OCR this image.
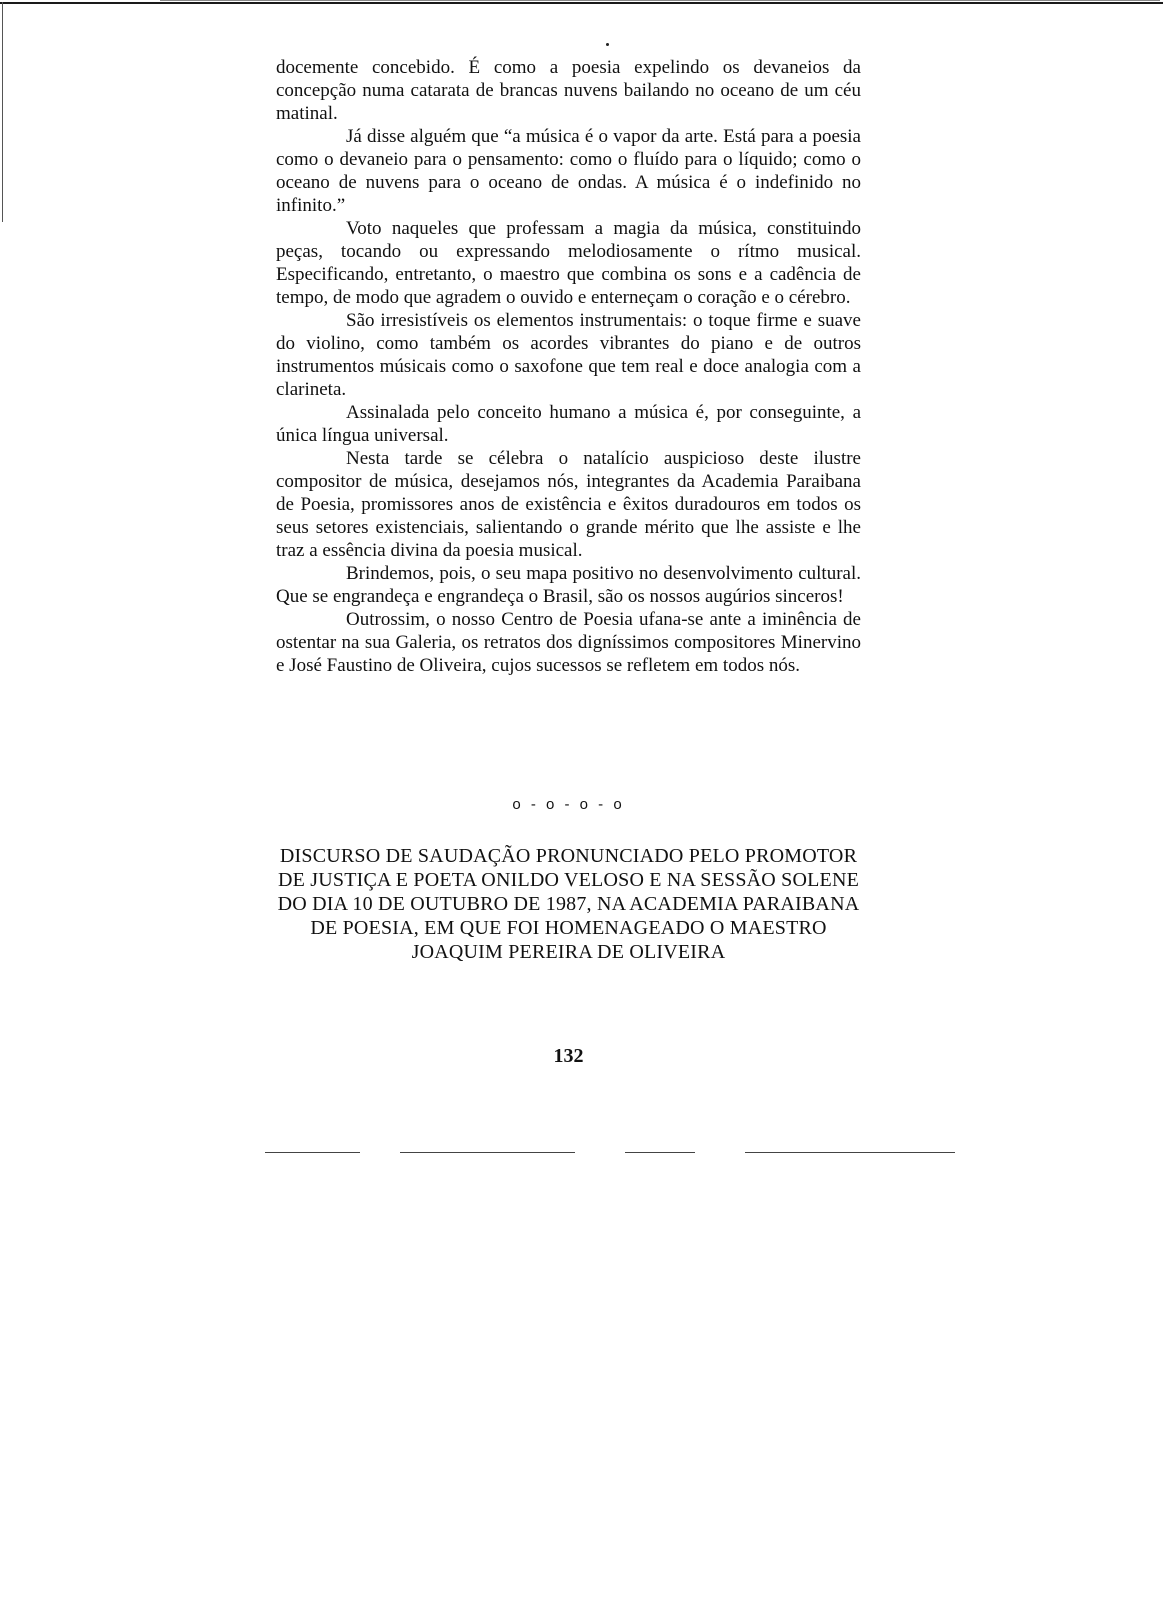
docemente concebido. É como a poesia expelindo os devaneios da concepção numa catarata de brancas nuvens bailando no oceano de um céu matinal.

Já disse alguém que “a música é o vapor da arte. Está para a poesia como o devaneio para o pensamento: como o fluído para o líquido; como o oceano de nuvens para o oceano de ondas. A música é o indefinido no infinito.”

Voto naqueles que professam a magia da música, constituindo peças, tocando ou expressando melodiosamente o rítmo musical. Especificando, entretanto, o maestro que combina os sons e a cadência de tempo, de modo que agradem o ouvido e enterneçam o coração e o cérebro.

São irresistíveis os elementos instrumentais: o toque firme e suave do violino, como também os acordes vibrantes do piano e de outros instrumentos músicais como o saxofone que tem real e doce analogia com a clarineta.

Assinalada pelo conceito humano a música é, por conseguinte, a única língua universal.

Nesta tarde se célebra o natalício auspicioso deste ilustre compositor de música, desejamos nós, integrantes da Academia Paraibana de Poesia, promissores anos de existência e êxitos duradouros em todos os seus setores existenciais, salientando o grande mérito que lhe assiste e lhe traz a essência divina da poesia musical.

Brindemos, pois, o seu mapa positivo no desenvolvimento cultural. Que se engrandeça e engrandeça o Brasil, são os nossos augúrios sinceros!

Outrossim, o nosso Centro de Poesia ufana-se ante a iminência de ostentar na sua Galeria, os retratos dos digníssimos compositores Minervino e José Faustino de Oliveira, cujos sucessos se refletem em todos nós.

o - o - o - o
DISCURSO DE SAUDAÇÃO PRONUNCIADO PELO PROMOTOR DE JUSTIÇA E POETA ONILDO VELOSO E NA SESSÃO SOLENE DO DIA 10 DE OUTUBRO DE 1987, NA ACADEMIA PARAIBANA DE POESIA, EM QUE FOI HOMENAGEADO O MAESTRO JOAQUIM PEREIRA DE OLIVEIRA
132
